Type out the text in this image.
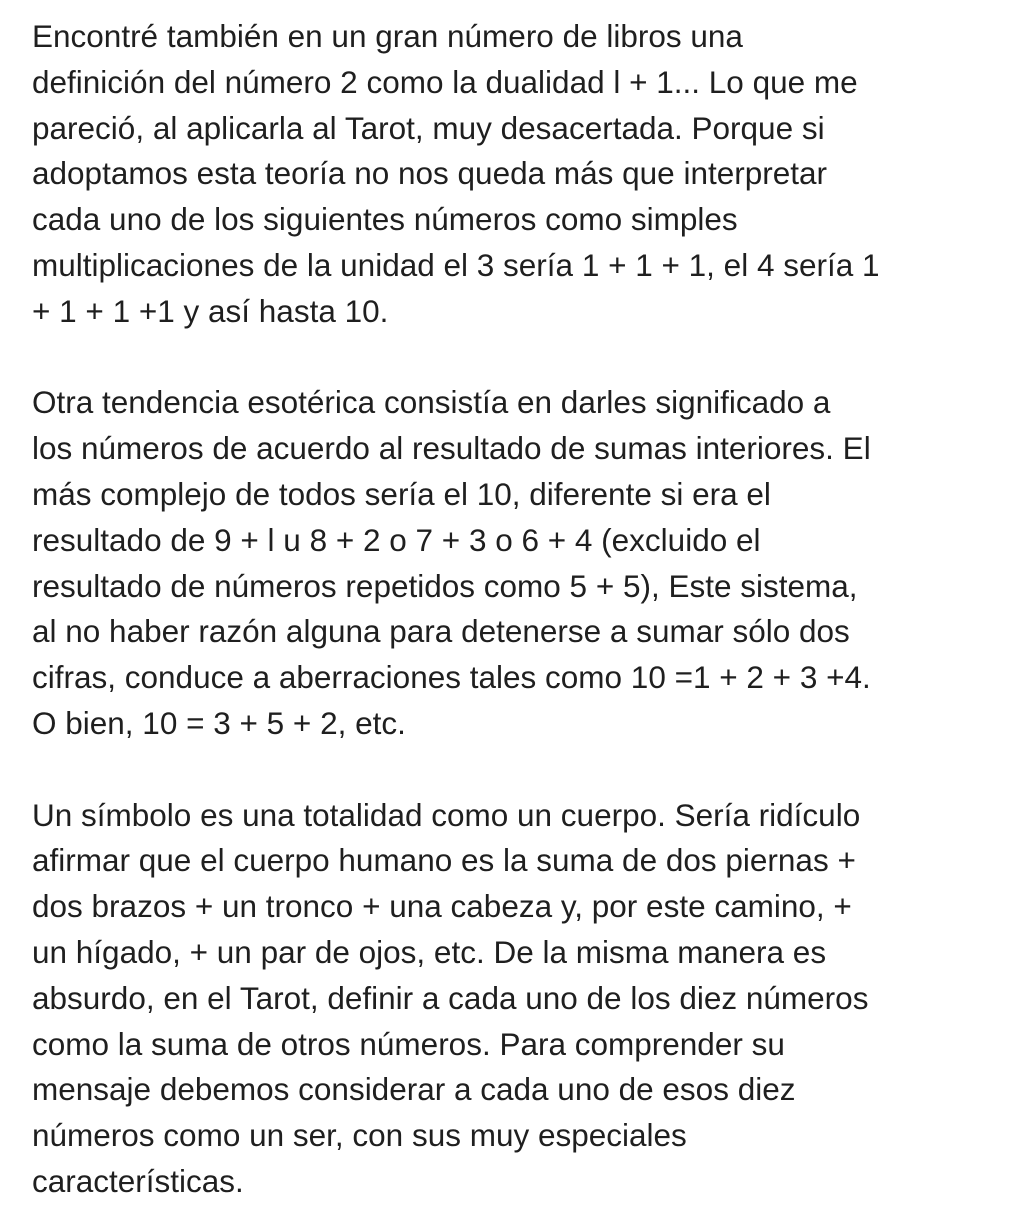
Encontré también en un gran número de libros una
definición del número 2 como la dualidad l + 1... Lo que me
pareció, al aplicarla al Tarot, muy desacertada. Porque si
adoptamos esta teoría no nos queda más que interpretar
cada uno de los siguientes números como simples
multiplicaciones de la unidad el 3 sería 1 + 1 + 1, el 4 sería 1
+ 1 + 1 +1 y así hasta 10.
Otra tendencia esotérica consistía en darles significado a
los números de acuerdo al resultado de sumas interiores. El
más complejo de todos sería el 10, diferente si era el
resultado de 9 + l u 8 + 2 o 7 + 3 o 6 + 4 (excluido el
resultado de números repetidos como 5 + 5), Este sistema,
al no haber razón alguna para detenerse a sumar sólo dos
cifras, conduce a aberraciones tales como 10 =1 + 2 + 3 +4.
O bien, 10 = 3 + 5 + 2, etc.
Un símbolo es una totalidad como un cuerpo. Sería ridículo
afirmar que el cuerpo humano es la suma de dos piernas +
dos brazos + un tronco + una cabeza y, por este camino, +
un hígado, + un par de ojos, etc. De la misma manera es
absurdo, en el Tarot, definir a cada uno de los diez números
como la suma de otros números. Para comprender su
mensaje debemos considerar a cada uno de esos diez
números como un ser, con sus muy especiales
características.
